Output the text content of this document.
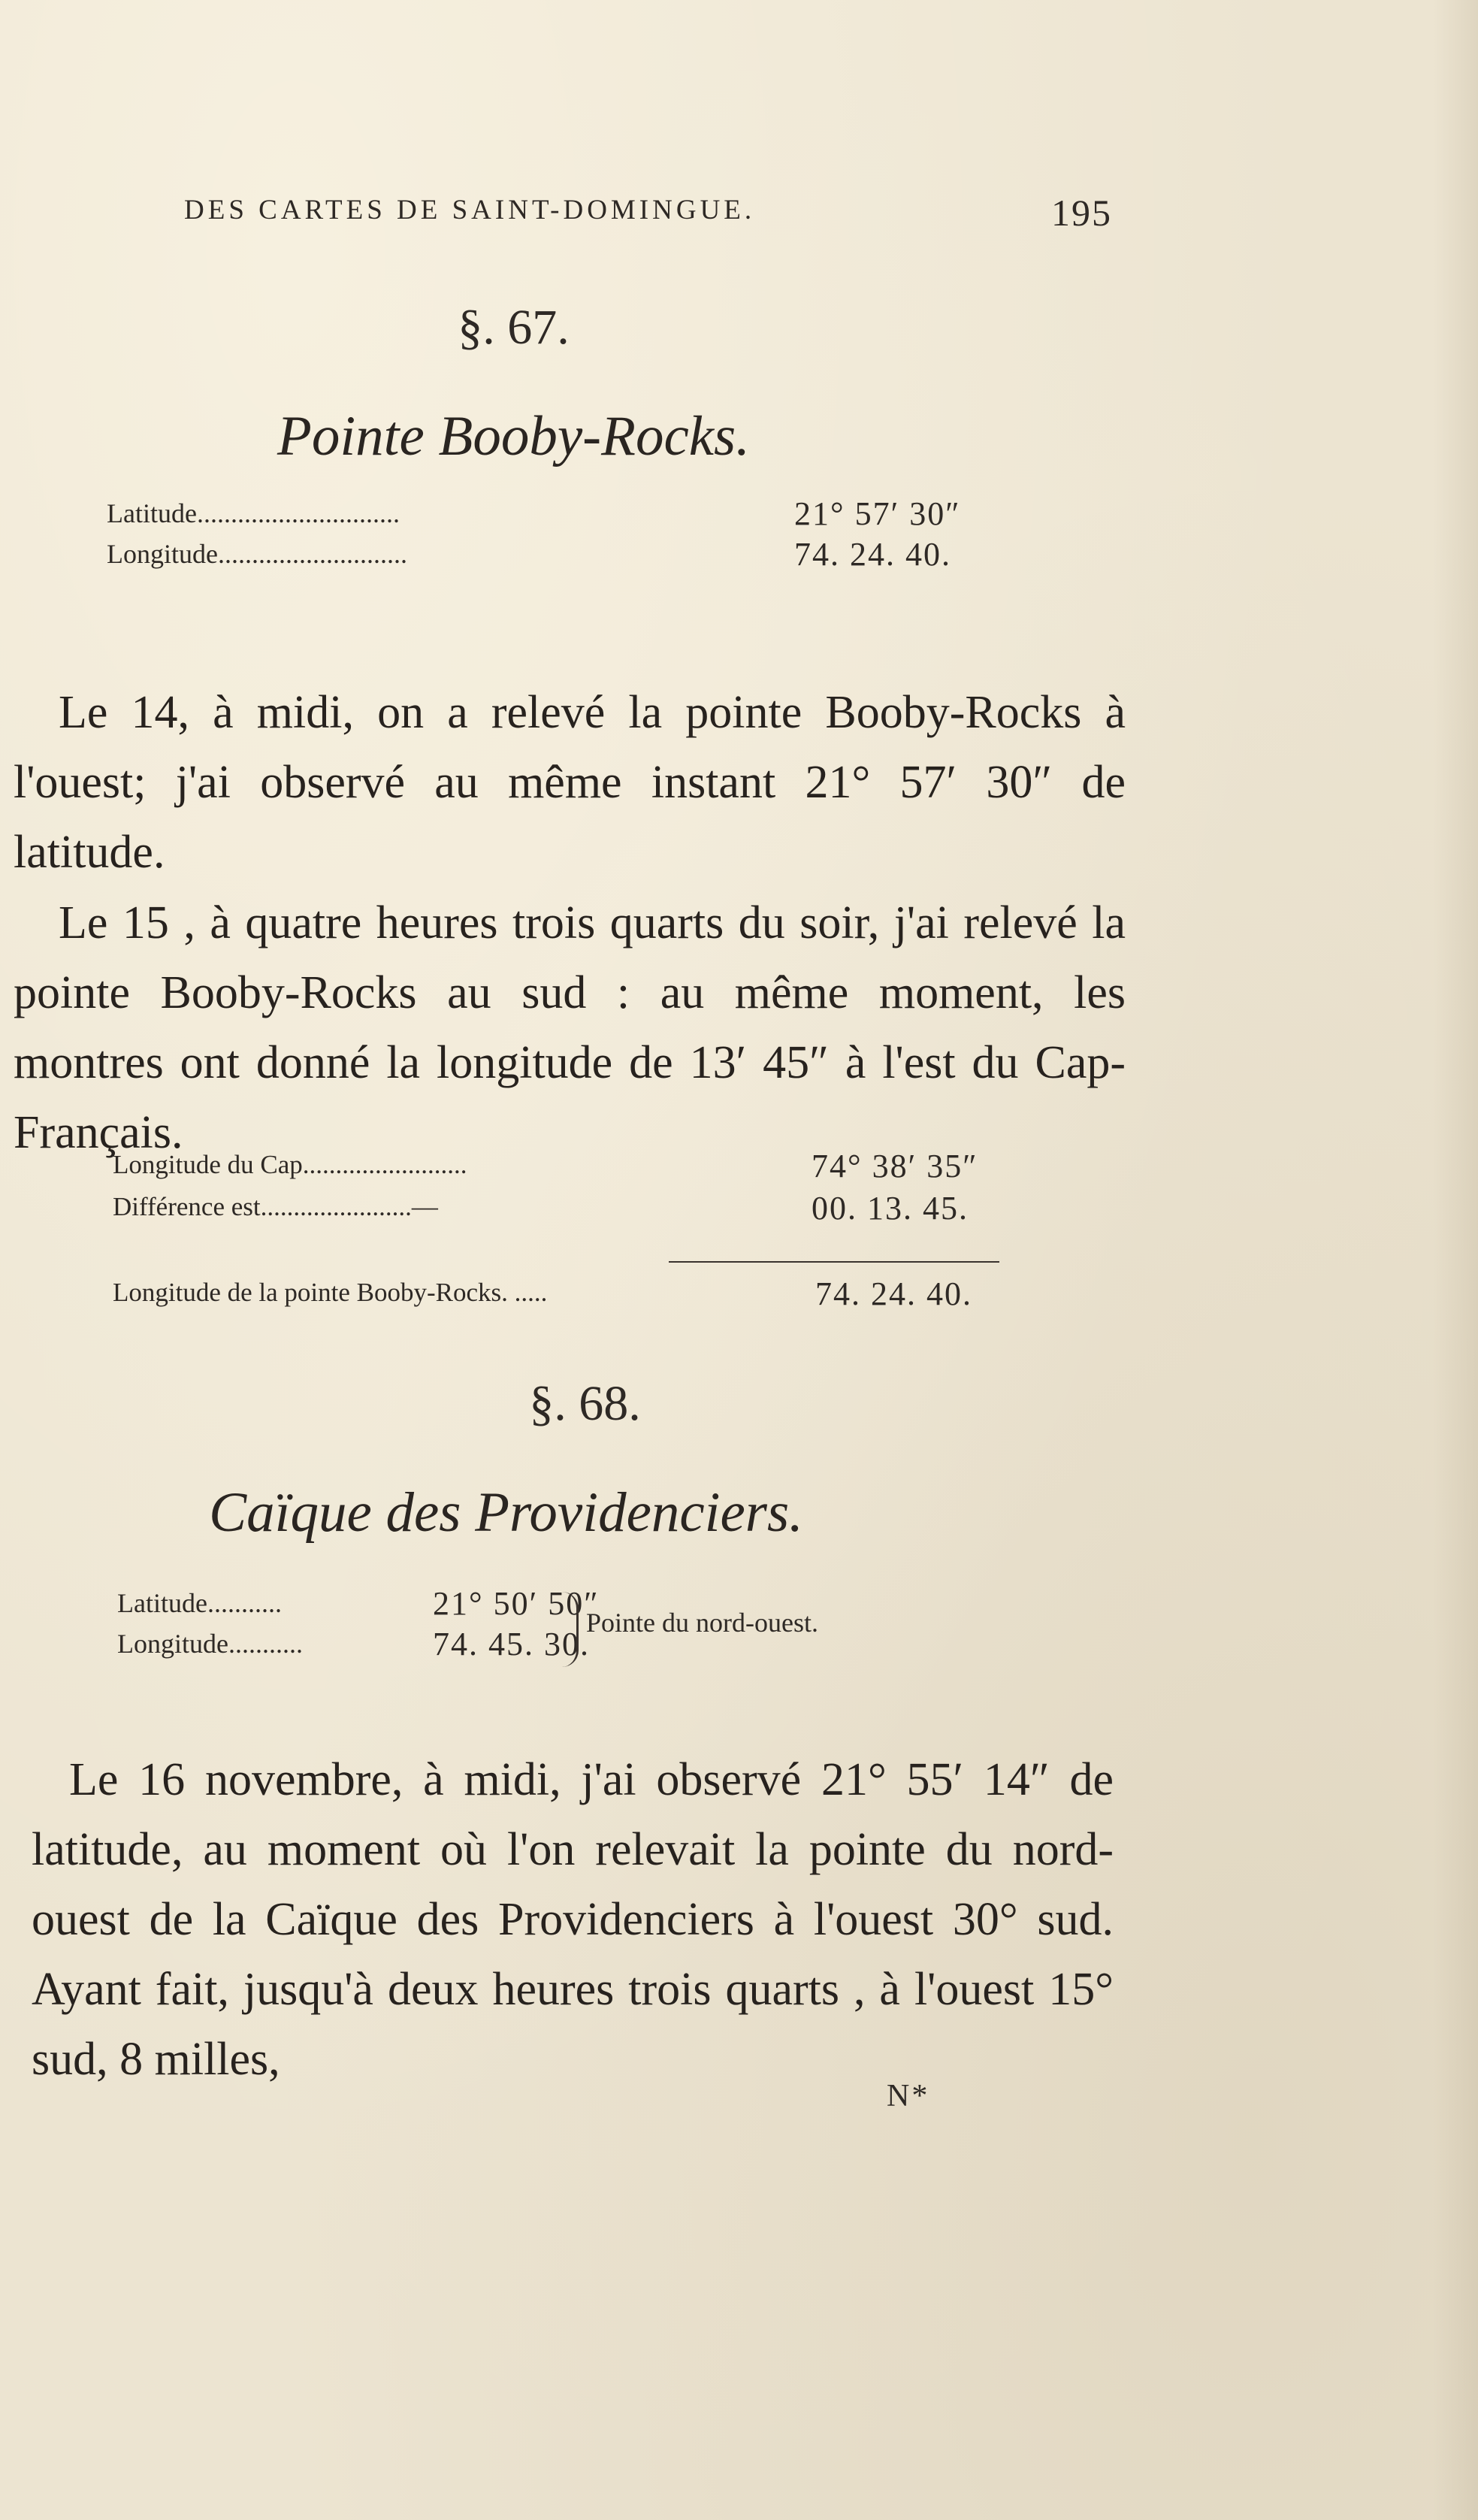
DES CARTES DE SAINT-DOMINGUE.	195
§. 67.
Pointe Booby-Rocks.
Latitude..............................	21° 57′ 30″
Longitude............................	74. 24. 40.

Le 14, à midi, on a relevé la pointe Booby-Rocks à l'ouest; j'ai observé au même instant 21° 57′ 30″ de latitude.

Le 15 , à quatre heures trois quarts du soir, j'ai relevé la pointe Booby-Rocks au sud : au même moment, les montres ont donné la longitude de 13′ 45″ à l'est du Cap-Français.

Longitude du Cap.........................	74° 38′ 35″
Différence est.......................—	00. 13. 45.
Longitude de la pointe Booby-Rocks. .....	74. 24. 40.
§. 68.
Caïque des Providenciers.
Latitude...........	21° 50′ 50″
Longitude...........	74. 45. 30.
Pointe du nord-ouest.

Le 16 novembre, à midi, j'ai observé 21° 55′ 14″ de latitude, au moment où l'on relevait la pointe du nord-ouest de la Caïque des Providenciers à l'ouest 30° sud. Ayant fait, jusqu'à deux heures trois quarts , à l'ouest 15° sud, 8 milles,

N*
